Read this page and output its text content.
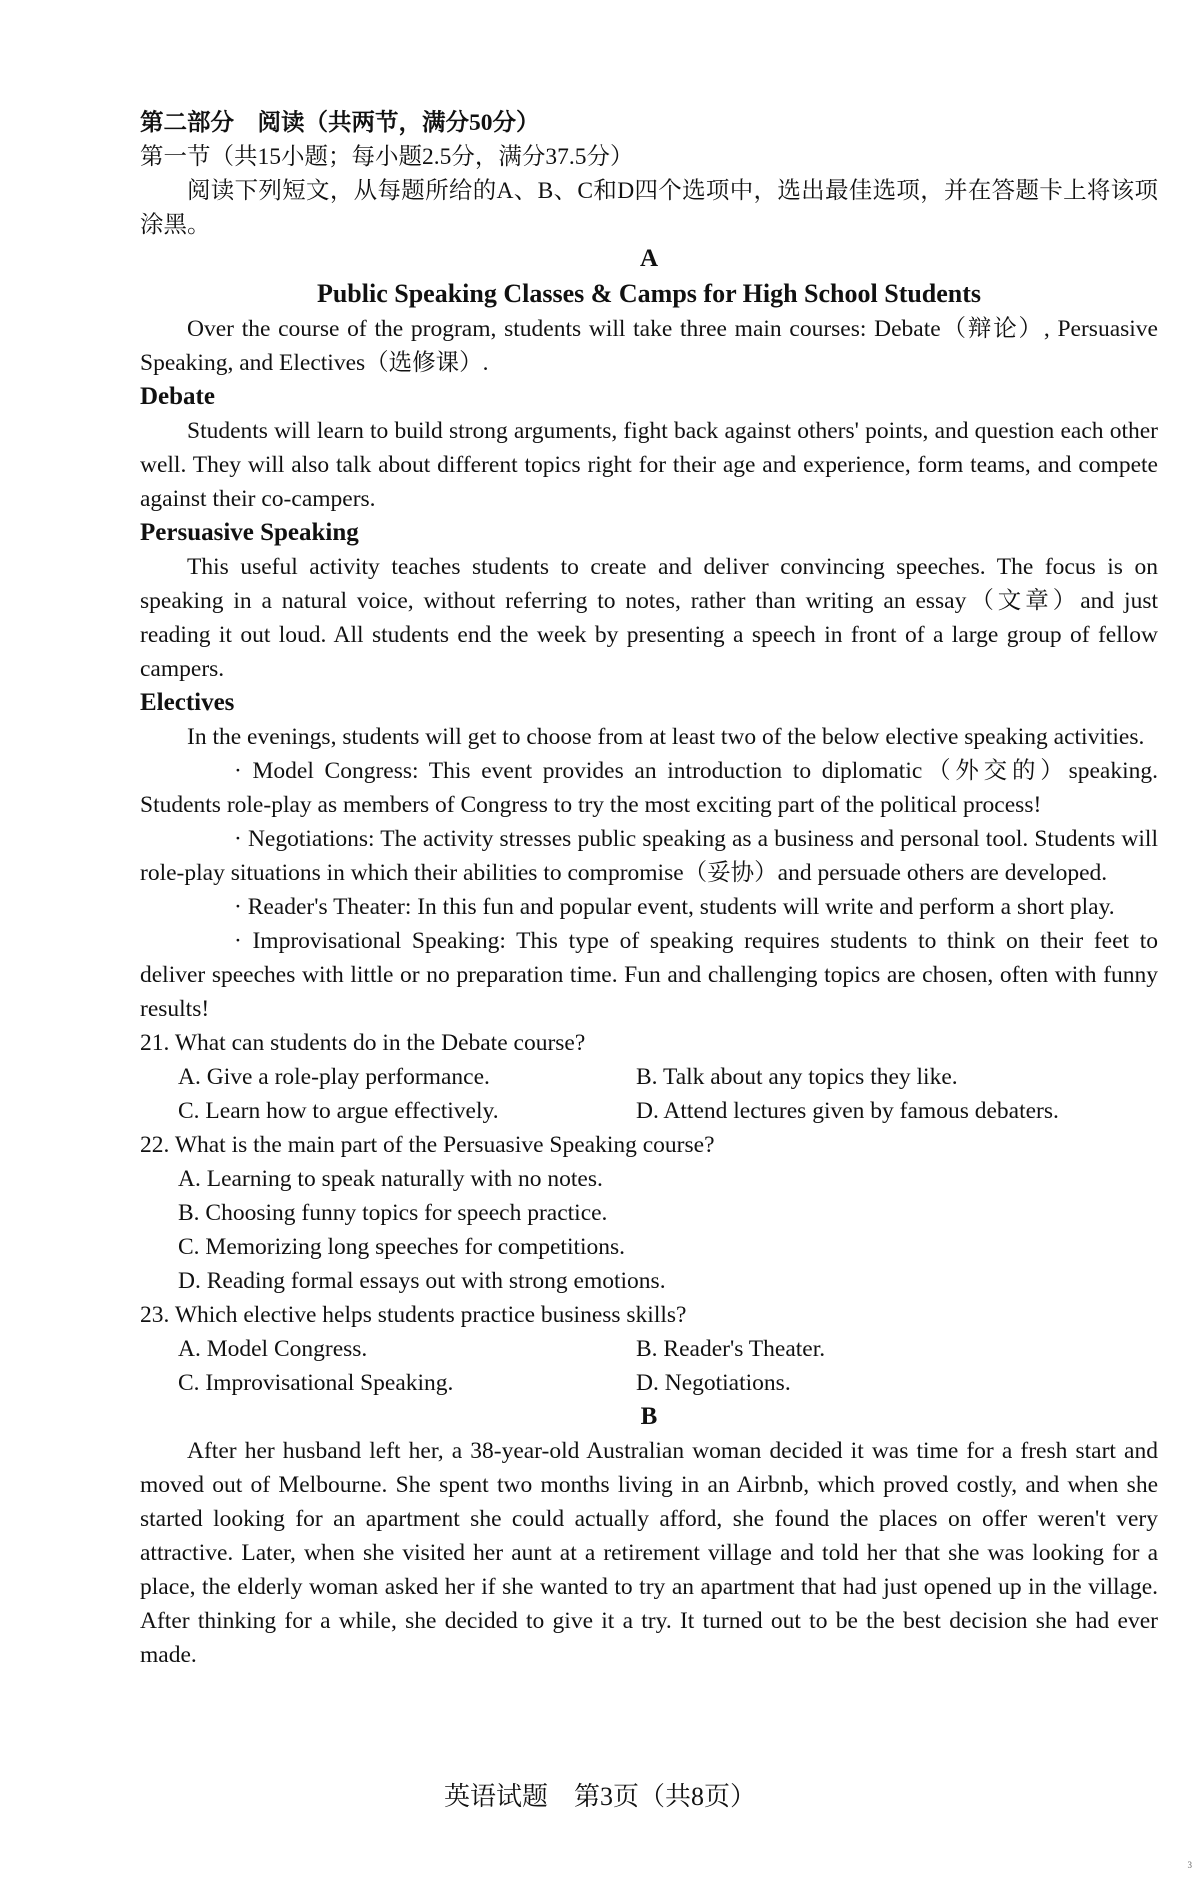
第二部分　阅读（共两节，满分50分）
第一节（共15小题；每小题2.5分，满分37.5分）
阅读下列短文，从每题所给的A、B、C和D四个选项中，选出最佳选项，并在答题卡上将该项涂黑。
A
Public Speaking Classes & Camps for High School Students
Over the course of the program, students will take three main courses: Debate（辩论）, Persuasive Speaking, and Electives（选修课）.
Debate
Students will learn to build strong arguments, fight back against others' points, and question each other well. They will also talk about different topics right for their age and experience, form teams, and compete against their co-campers.
Persuasive Speaking
This useful activity teaches students to create and deliver convincing speeches. The focus is on speaking in a natural voice, without referring to notes, rather than writing an essay（文章）and just reading it out loud. All students end the week by presenting a speech in front of a large group of fellow campers.
Electives
In the evenings, students will get to choose from at least two of the below elective speaking activities.
· Model Congress: This event provides an introduction to diplomatic（外交的）speaking. Students role-play as members of Congress to try the most exciting part of the political process!
· Negotiations: The activity stresses public speaking as a business and personal tool. Students will role-play situations in which their abilities to compromise（妥协）and persuade others are developed.
· Reader's Theater: In this fun and popular event, students will write and perform a short play.
· Improvisational Speaking: This type of speaking requires students to think on their feet to deliver speeches with little or no preparation time. Fun and challenging topics are chosen, often with funny results!
21. What can students do in the Debate course?
A. Give a role-play performance.	B. Talk about any topics they like.
C. Learn how to argue effectively.	D. Attend lectures given by famous debaters.
22. What is the main part of the Persuasive Speaking course?
A. Learning to speak naturally with no notes.
B. Choosing funny topics for speech practice.
C. Memorizing long speeches for competitions.
D. Reading formal essays out with strong emotions.
23. Which elective helps students practice business skills?
A. Model Congress.	B. Reader's Theater.
C. Improvisational Speaking.	D. Negotiations.
B
After her husband left her, a 38-year-old Australian woman decided it was time for a fresh start and moved out of Melbourne. She spent two months living in an Airbnb, which proved costly, and when she started looking for an apartment she could actually afford, she found the places on offer weren't very attractive. Later, when she visited her aunt at a retirement village and told her that she was looking for a place, the elderly woman asked her if she wanted to try an apartment that had just opened up in the village. After thinking for a while, she decided to give it a try. It turned out to be the best decision she had ever made.
英语试题　第3页（共8页）
3
